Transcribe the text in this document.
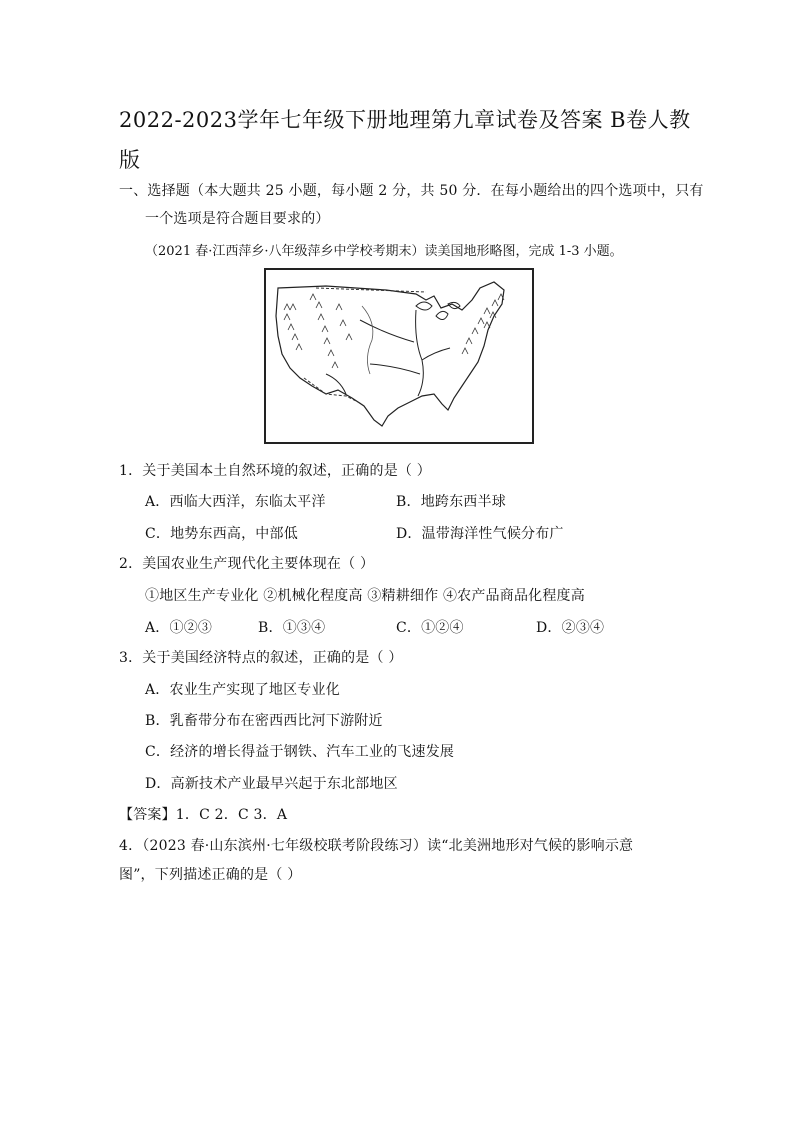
2022-2023学年七年级下册地理第九章试卷及答案 B卷人教
版
一、选择题（本大题共 25 小题，每小题 2 分，共 50 分．在每小题给出的四个选项中，只有
一个选项是符合题目要求的）
（2021 春·江西萍乡·八年级萍乡中学校考期末）读美国地形略图，完成 1-3 小题。
1．关于美国本土自然环境的叙述，正确的是（ ）
A．西临大西洋，东临太平洋	B．地跨东西半球
C．地势东西高，中部低	D．温带海洋性气候分布广
2．美国农业生产现代化主要体现在（ ）
①地区生产专业化 ②机械化程度高 ③精耕细作 ④农产品商品化程度高
A．①②③	B．①③④	C．①②④	D．②③④
3．关于美国经济特点的叙述，正确的是（ ）
A．农业生产实现了地区专业化
B．乳畜带分布在密西西比河下游附近
C．经济的增长得益于钢铁、汽车工业的飞速发展
D．高新技术产业最早兴起于东北部地区
【答案】1．C 2．C 3．A
4．（2023 春·山东滨州·七年级校联考阶段练习）读“北美洲地形对气候的影响示意
图”，下列描述正确的是（ ）
